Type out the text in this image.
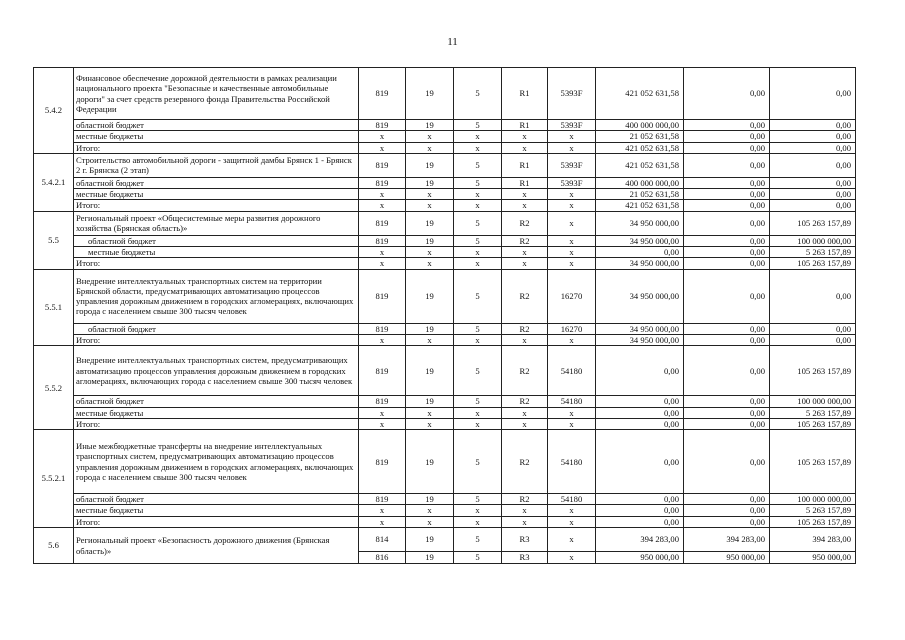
11
5.4.2	Финансовое обеспечение дорожной деятельности в рамках реализации национального проекта "Безопасные и качественные автомобильные дороги" за счет средств резервного фонда Правительства Российской Федерации	819	19	5	R1	5393F	421 052 631,58	0,00	0,00
	областной бюджет	819	19	5	R1	5393F	400 000 000,00	0,00	0,00
	местные бюджеты	x	x	x	x	x	21 052 631,58	0,00	0,00
	Итого:	x	x	x	x	x	421 052 631,58	0,00	0,00
5.4.2.1	Строительство автомобильной дороги - защитной дамбы Брянск 1 - Брянск 2 г. Брянска (2 этап)	819	19	5	R1	5393F	421 052 631,58	0,00	0,00
	областной бюджет	819	19	5	R1	5393F	400 000 000,00	0,00	0,00
	местные бюджеты	x	x	x	x	x	21 052 631,58	0,00	0,00
	Итого:	x	x	x	x	x	421 052 631,58	0,00	0,00
5.5	Региональный проект «Общесистемные меры развития дорожного хозяйства (Брянская область)»	819	19	5	R2	x	34 950 000,00	0,00	105 263 157,89
	областной бюджет	819	19	5	R2	x	34 950 000,00	0,00	100 000 000,00
	местные бюджеты	x	x	x	x	x	0,00	0,00	5 263 157,89
	Итого:	x	x	x	x	x	34 950 000,00	0,00	105 263 157,89
5.5.1	Внедрение интеллектуальных транспортных систем на территории Брянской области, предусматривающих автоматизацию процессов управления дорожным движением в городских агломерациях, включающих города с населением свыше 300 тысяч человек	819	19	5	R2	16270	34 950 000,00	0,00	0,00
	областной бюджет	819	19	5	R2	16270	34 950 000,00	0,00	0,00
	Итого:	x	x	x	x	x	34 950 000,00	0,00	0,00
5.5.2	Внедрение интеллектуальных транспортных систем, предусматривающих автоматизацию процессов управления дорожным движением в городских агломерациях, включающих города с населением свыше 300 тысяч человек	819	19	5	R2	54180	0,00	0,00	105 263 157,89
	областной бюджет	819	19	5	R2	54180	0,00	0,00	100 000 000,00
	местные бюджеты	x	x	x	x	x	0,00	0,00	5 263 157,89
	Итого:	x	x	x	x	x	0,00	0,00	105 263 157,89
5.5.2.1	Иные межбюджетные трансферты на внедрение интеллектуальных транспортных систем, предусматривающих автоматизацию процессов управления дорожным движением в городских агломерациях, включающих города с населением свыше 300 тысяч человек	819	19	5	R2	54180	0,00	0,00	105 263 157,89
	областной бюджет	819	19	5	R2	54180	0,00	0,00	100 000 000,00
	местные бюджеты	x	x	x	x	x	0,00	0,00	5 263 157,89
	Итого:	x	x	x	x	x	0,00	0,00	105 263 157,89
5.6	Региональный проект «Безопасность дорожного движения (Брянская область)»	814	19	5	R3	x	394 283,00	394 283,00	394 283,00
		816	19	5	R3	x	950 000,00	950 000,00	950 000,00
